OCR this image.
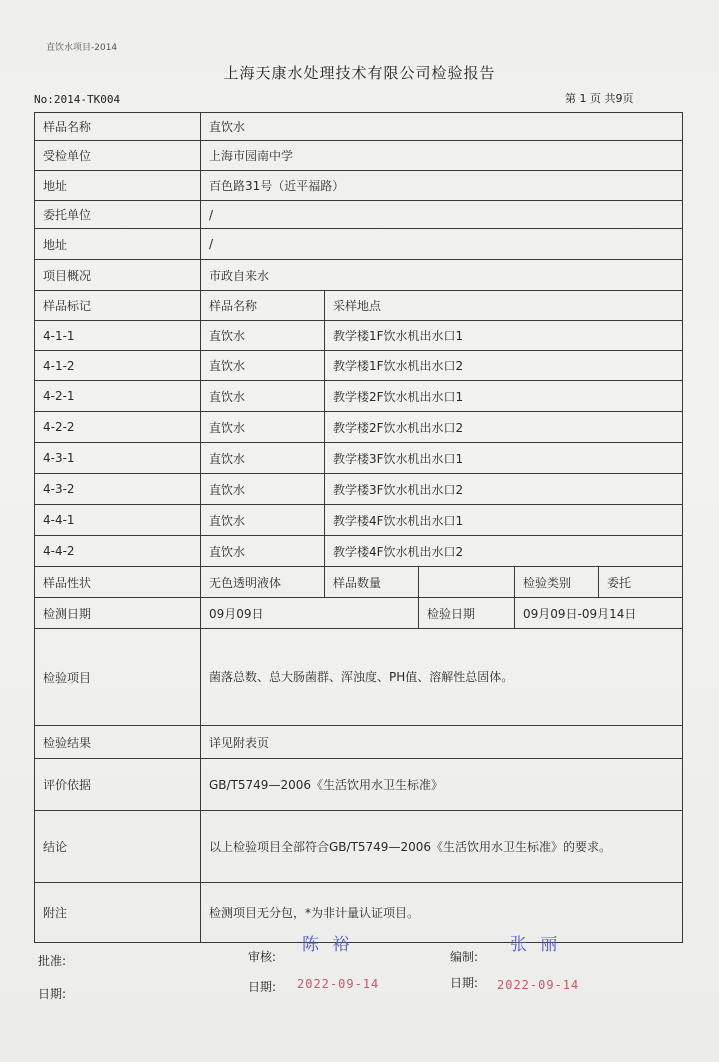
直饮水项目-2014
上海天康水处理技术有限公司检验报告
No:2014-TK004	第 1 页 共9页
样品名称	直饮水				
受检单位	上海市园南中学				
地址	百色路31号（近平福路）				
委托单位	/				
地址	/				
项目概况	市政自来水				
样品标记	样品名称	采样地点			
4-1-1	直饮水	教学楼1F饮水机出水口1			
4-1-2	直饮水	教学楼1F饮水机出水口2			
4-2-1	直饮水	教学楼2F饮水机出水口1			
4-2-2	直饮水	教学楼2F饮水机出水口2			
4-3-1	直饮水	教学楼3F饮水机出水口1			
4-3-2	直饮水	教学楼3F饮水机出水口2			
4-4-1	直饮水	教学楼4F饮水机出水口1			
4-4-2	直饮水	教学楼4F饮水机出水口2			
样品性状	无色透明液体	样品数量		检验类别	委托
检测日期	09月09日		检验日期	09月09日-09月14日	
检验项目	菌落总数、总大肠菌群、浑浊度、PH值、溶解性总固体。				
检验结果	详见附表页				
评价依据	GB/T5749—2006《生活饮用水卫生标准》				
结论	以上检验项目全部符合GB/T5749—2006《生活饮用水卫生标准》的要求。				
附注	检测项目无分包，*为非计量认证项目。				
批准:	审核:
陈 裕
编制:
张 丽
日期:	日期: 2022-09-14	日期: 2022-09-14
